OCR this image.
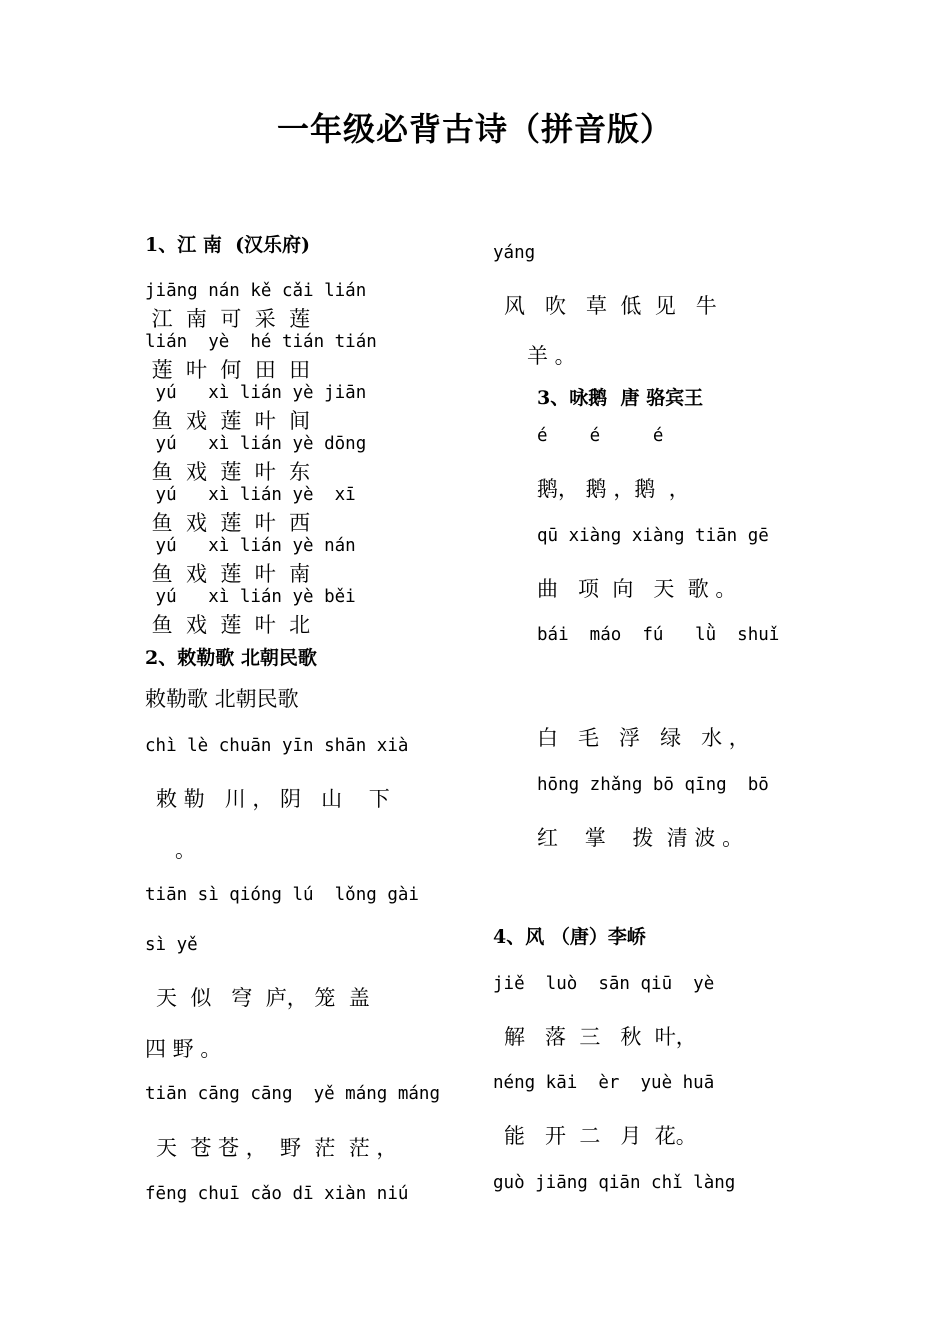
一年级必背古诗（拼音版）
1、江 南  (汉乐府)
jiāng nán kě cǎi lián
江  南  可  采  莲
lián  yè  hé tián tián
莲  叶  何  田  田
yú   xì lián yè jiān
鱼  戏  莲  叶  间
yú   xì lián yè dōng
鱼  戏  莲  叶  东
yú   xì lián yè  xī
鱼  戏  莲  叶  西
yú   xì lián yè nán
鱼  戏  莲  叶  南
yú   xì lián yè běi
鱼  戏  莲  叶  北
2、敕勒歌 北朝民歌
敕勒歌 北朝民歌
chì lè chuān yīn shān xià
敕 勒   川 ， 阴   山    下
。
tiān sì qióng lú  lǒng gài
sì yě
天  似   穹  庐， 笼  盖
四 野 。
tiān cāng cāng  yě máng máng
天  苍 苍 ，  野  茫  茫 ，
fēng chuī cǎo dī xiàn niú
yáng
风   吹   草  低  见   牛
羊 。
3、咏鹅  唐 骆宾王
é    é     é
鹅， 鹅 ，鹅  ，
qū xiàng xiàng tiān gē
曲   项  向   天  歌 。
bái  máo  fú   lǜ  shuǐ
白   毛   浮   绿   水 ，
hōng zhǎng bō qīng  bō
红    掌    拨  清 波 。
4、风 （唐）李峤
jiě  luò  sān qiū  yè
解   落  三   秋  叶，
néng kāi  èr  yuè huā
能   开  二   月  花。
guò jiāng qiān chǐ làng
